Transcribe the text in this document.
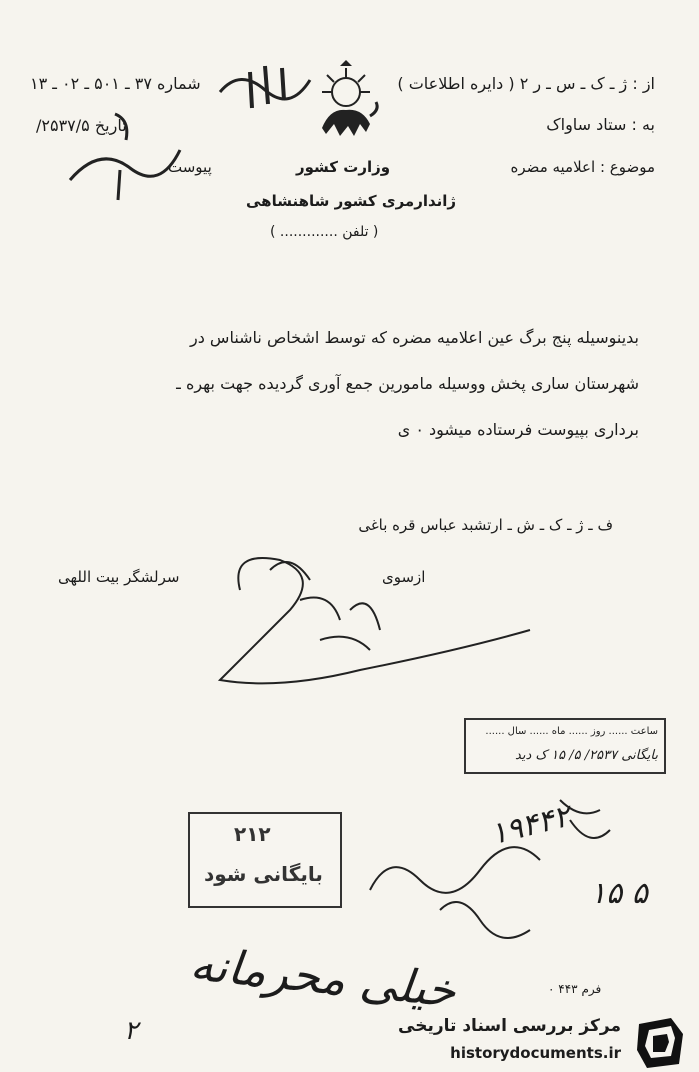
از : ژ ـ ک ـ س ـ ر ۲ ( دایره اطلاعات )
به : ستاد ساواک
موضوع : اعلامیه مضره
شماره ۳۷ ـ ۵۰۱ ـ ۰۲ ـ ۱۳
تاریخ ۲۵۳۷/۵/
پیوست	وزارت کشور
ژاندارمری کشور شاهنشاهی
( تلفن ............. )
بدینوسیله پنج برگ عین اعلامیه مضره که توسط اشخاص ناشناس در
شهرستان ساری پخش ووسیله مامورین جمع آوری گردیده جهت بهره ـ
برداری بپیوست فرستاده میشود ۰ ی
ف ـ ژ ـ ک ـ ش ـ ارتشبد عباس قره باغی
ازسوی
سرلشگر بیت اللهی
ساعت ...... روز ...... ماه ...... سال ......
بایگانی ۲۵۳۷/ ۵/ ۱۵ ک دید
۲۱۲
بایگانی شود
۱۹۴۴۲
۵ ۱۵
خیلی محرمانه
۲
فرم ۴۴۳ ۰
مرکز بررسی اسناد تاریخی
historydocuments.ir
